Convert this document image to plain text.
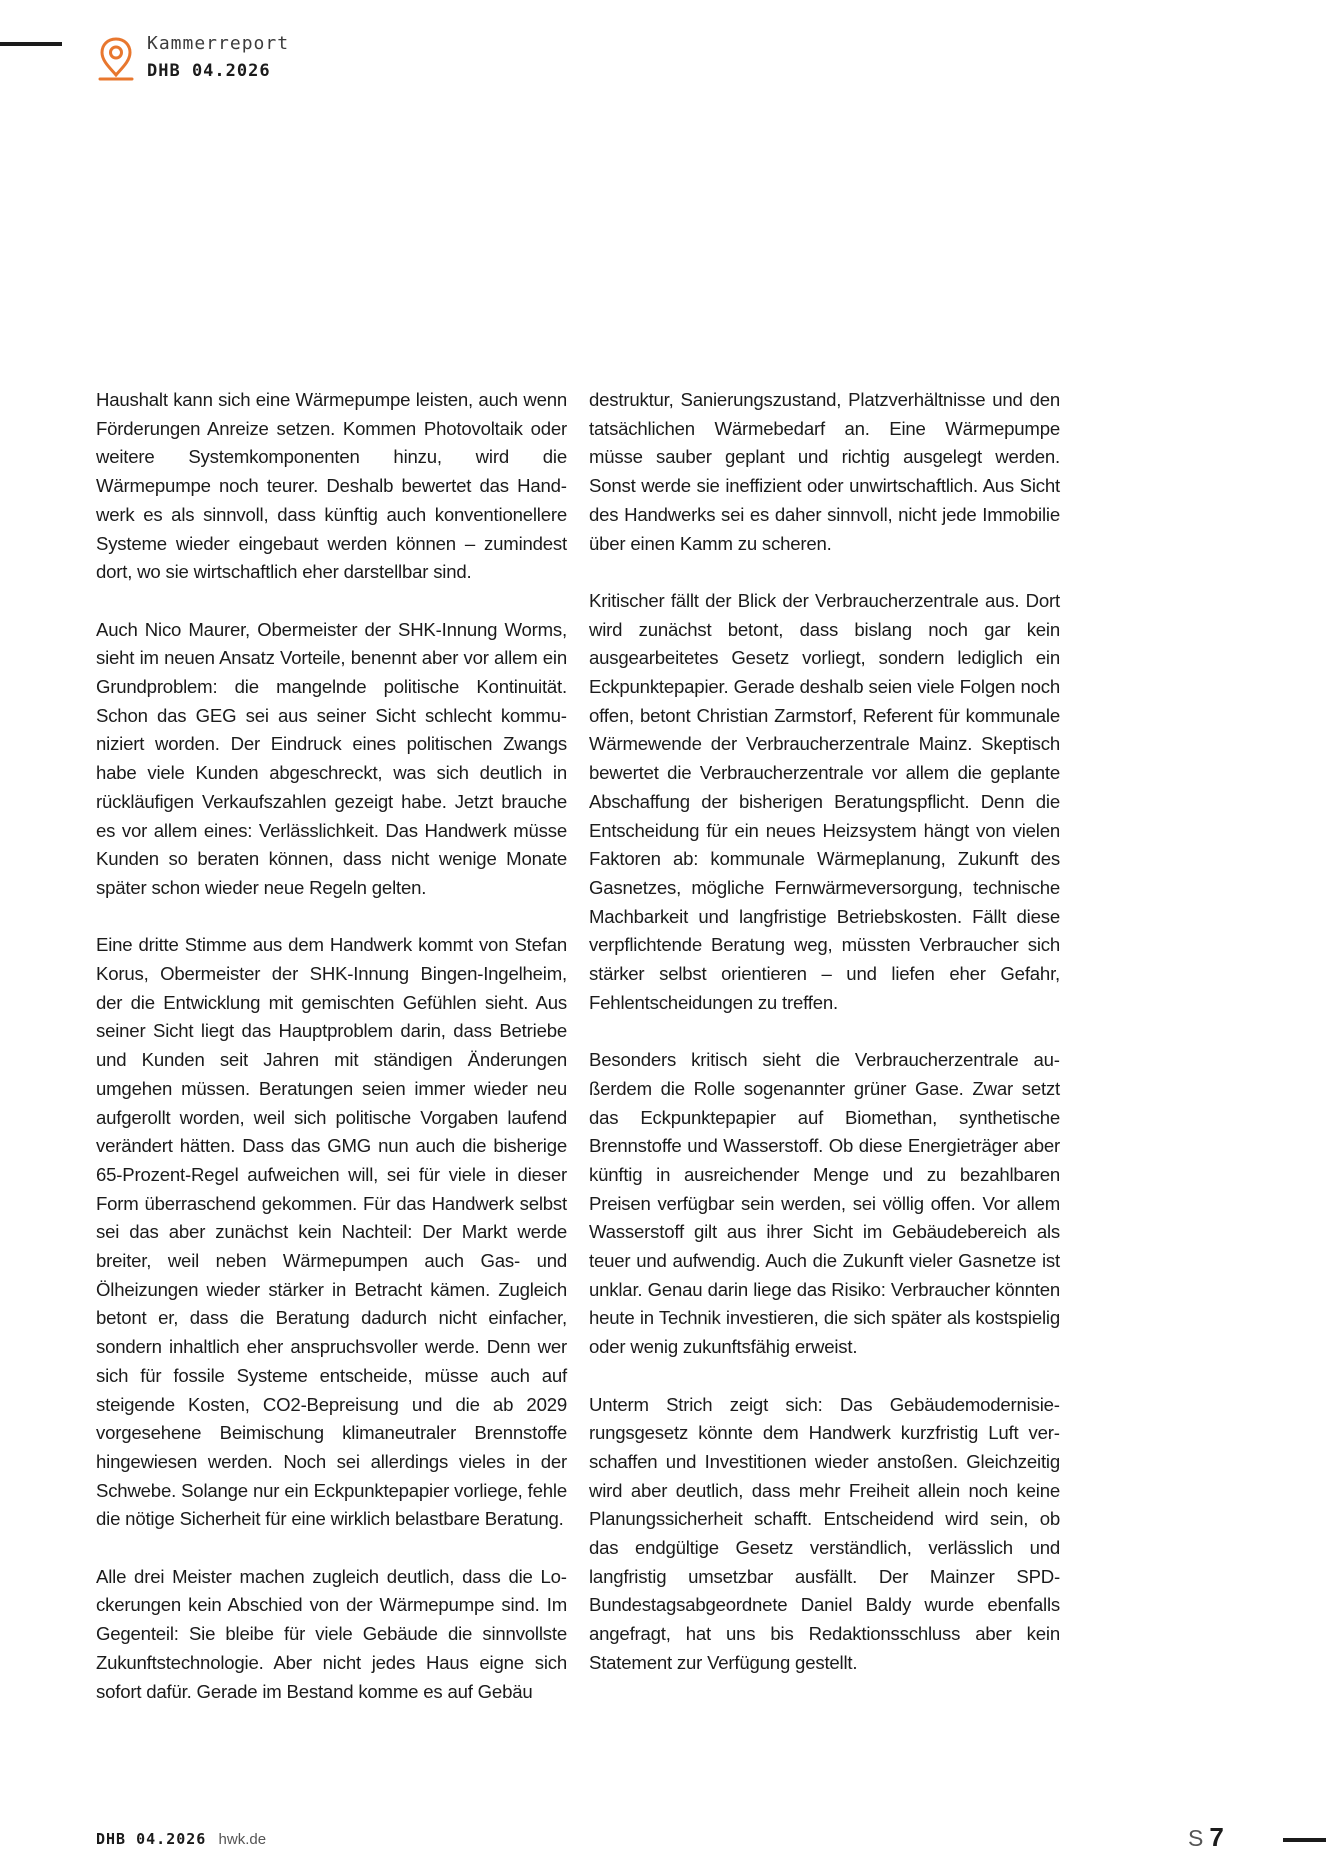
Kammerreport
DHB 04.2026

Haushalt kann sich eine Wärmepumpe leisten, auch wenn Förderungen Anreize setzen. Kommen Photovoltaik oder weitere Systemkomponenten hinzu, wird die Wärmepumpe noch teurer. Deshalb bewertet das Handwerk es als sinnvoll, dass künftig auch konventionellere Systeme wieder eingebaut werden können – zumindest dort, wo sie wirtschaftlich eher darstellbar sind.

Auch Nico Maurer, Obermeister der SHK-Innung Worms, sieht im neuen Ansatz Vorteile, benennt aber vor allem ein Grundproblem: die mangelnde politische Kontinuität. Schon das GEG sei aus seiner Sicht schlecht kommuniziert worden. Der Eindruck eines politischen Zwangs habe viele Kunden abgeschreckt, was sich deutlich in rückläufigen Verkaufszahlen gezeigt habe. Jetzt brauche es vor allem eines: Verlässlichkeit. Das Handwerk müsse Kunden so beraten können, dass nicht wenige Monate später schon wieder neue Regeln gelten.

Eine dritte Stimme aus dem Handwerk kommt von Stefan Korus, Obermeister der SHK-Innung Bingen-Ingelheim, der die Entwicklung mit gemischten Gefühlen sieht. Aus seiner Sicht liegt das Hauptproblem darin, dass Betriebe und Kunden seit Jahren mit ständigen Änderungen umgehen müssen. Beratungen seien immer wieder neu aufgerollt worden, weil sich politische Vorgaben laufend verändert hätten. Dass das GMG nun auch die bisherige 65-Prozent-Regel aufweichen will, sei für viele in dieser Form überraschend gekommen. Für das Handwerk selbst sei das aber zunächst kein Nachteil: Der Markt werde breiter, weil neben Wärmepumpen auch Gas- und Ölheizungen wieder stärker in Betracht kämen. Zugleich betont er, dass die Beratung dadurch nicht einfacher, sondern inhaltlich eher anspruchsvoller werde. Denn wer sich für fossile Systeme entscheide, müsse auch auf steigende Kosten, CO2-Bepreisung und die ab 2029 vorgesehene Beimischung klimaneutraler Brennstoffe hingewiesen werden. Noch sei allerdings vieles in der Schwebe. Solange nur ein Eckpunktepapier vorliege, fehle die nötige Sicherheit für eine wirklich belastbare Beratung.

Alle drei Meister machen zugleich deutlich, dass die Lockerungen kein Abschied von der Wärmepumpe sind. Im Gegenteil: Sie bleibe für viele Gebäude die sinnvollste Zukunftstechnologie. Aber nicht jedes Haus eigne sich sofort dafür. Gerade im Bestand komme es auf Gebäu

destruktur, Sanierungszustand, Platzverhältnisse und den tatsächlichen Wärmebedarf an. Eine Wärmepumpe müsse sauber geplant und richtig ausgelegt werden. Sonst werde sie ineffizient oder unwirtschaftlich. Aus Sicht des Handwerks sei es daher sinnvoll, nicht jede Immobilie über einen Kamm zu scheren.

Kritischer fällt der Blick der Verbraucherzentrale aus. Dort wird zunächst betont, dass bislang noch gar kein ausgearbeitetes Gesetz vorliegt, sondern lediglich ein Eckpunktepapier. Gerade deshalb seien viele Folgen noch offen, betont Christian Zarmstorf, Referent für kommunale Wärmewende der Verbraucherzentrale Mainz. Skeptisch bewertet die Verbraucherzentrale vor allem die geplante Abschaffung der bisherigen Beratungspflicht. Denn die Entscheidung für ein neues Heizsystem hängt von vielen Faktoren ab: kommunale Wärmeplanung, Zukunft des Gasnetzes, mögliche Fernwärmeversorgung, technische Machbarkeit und langfristige Betriebskosten. Fällt diese verpflichtende Beratung weg, müssten Verbraucher sich stärker selbst orientieren – und liefen eher Gefahr, Fehlentscheidungen zu treffen.

Besonders kritisch sieht die Verbraucherzentrale außerdem die Rolle sogenannter grüner Gase. Zwar setzt das Eckpunktepapier auf Biomethan, synthetische Brennstoffe und Wasserstoff. Ob diese Energieträger aber künftig in ausreichender Menge und zu bezahlbaren Preisen verfügbar sein werden, sei völlig offen. Vor allem Wasserstoff gilt aus ihrer Sicht im Gebäudebereich als teuer und aufwendig. Auch die Zukunft vieler Gasnetze ist unklar. Genau darin liege das Risiko: Verbraucher könnten heute in Technik investieren, die sich später als kostspielig oder wenig zukunftsfähig erweist.

Unterm Strich zeigt sich: Das Gebäudemodernisierungsgesetz könnte dem Handwerk kurzfristig Luft verschaffen und Investitionen wieder anstoßen. Gleichzeitig wird aber deutlich, dass mehr Freiheit allein noch keine Planungssicherheit schafft. Entscheidend wird sein, ob das endgültige Gesetz verständlich, verlässlich und langfristig umsetzbar ausfällt. Der Mainzer SPD-Bundestagsabgeordnete Daniel Baldy wurde ebenfalls angefragt, hat uns bis Redaktionsschluss aber kein Statement zur Verfügung gestellt.

DHB 04.2026 hwk.de	S 7
